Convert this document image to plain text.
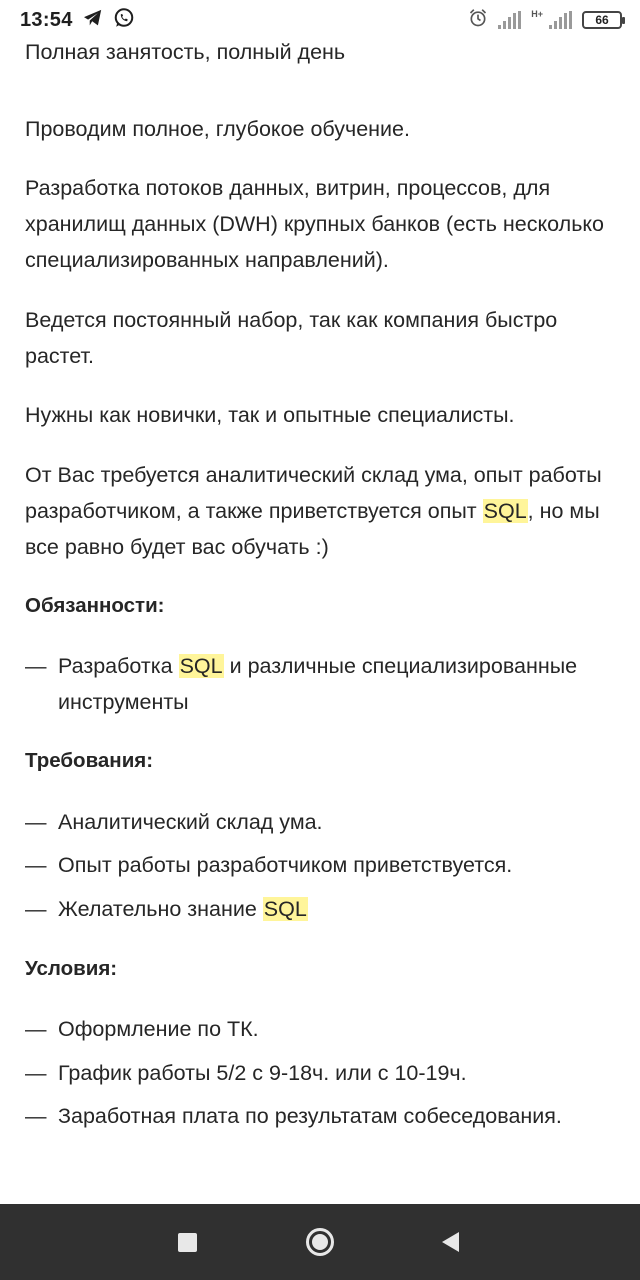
13:54	H+	66

Полная занятость, полный день

Проводим полное, глубокое обучение.

Разработка потоков данных, витрин, процессов, для хранилищ данных (DWH) крупных банков (есть несколько специализированных направлений).

Ведется постоянный набор, так как компания быстро растет.

Нужны как новички, так и опытные специалисты.

От Вас требуется аналитический склад ума, опыт работы разработчиком, а также приветствуется опыт SQL, но мы все равно будет вас обучать :)

Обязанности:
— Разработка SQL и различные специализированные инструменты
Требования:
— Аналитический склад ума.
— Опыт работы разработчиком приветствуется.
— Желательно знание SQL
Условия:
— Оформление по ТК.
— График работы 5/2 с 9-18ч. или с 10-19ч.
— Заработная плата по результатам собеседования.
